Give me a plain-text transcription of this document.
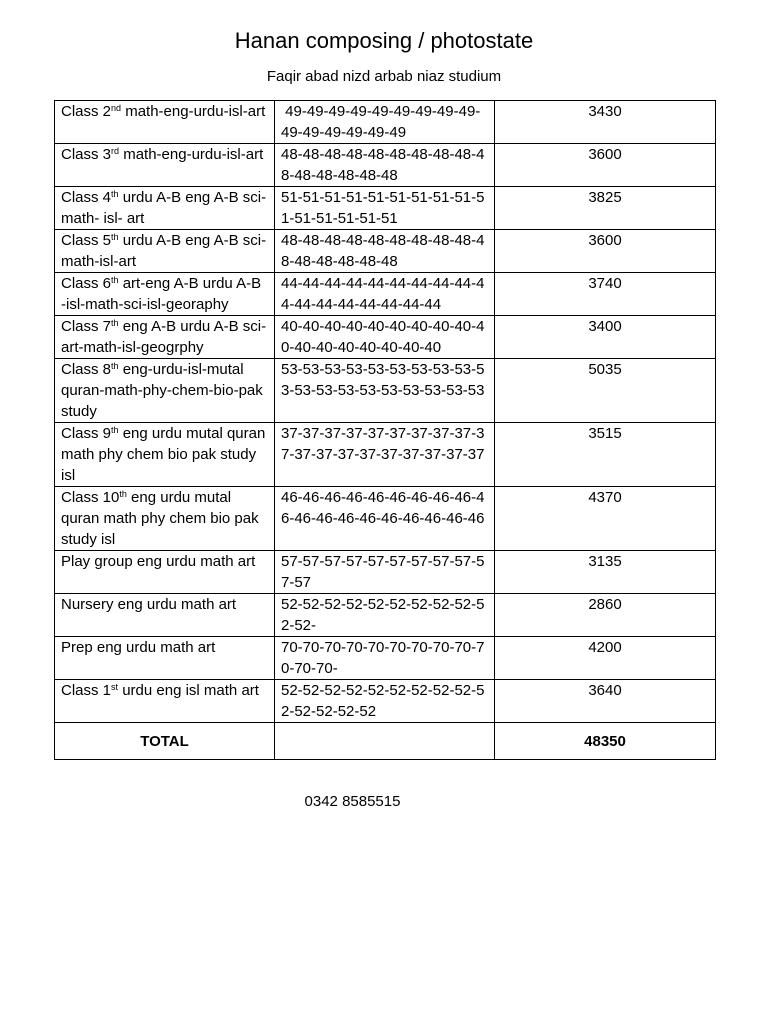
Hanan composing / photostate
Faqir abad nizd arbab niaz studium
Class 2nd math-eng-urdu-isl-art	49-49-49-49-49-49-49-49-49-49-49-49-49-49-49	3430
Class 3rd math-eng-urdu-isl-art	48-48-48-48-48-48-48-48-48-48-48-48-48-48-48	3600
Class 4th urdu A-B eng A-B sci-math- isl- art	51-51-51-51-51-51-51-51-51-51-51-51-51-51-51	3825
Class 5th urdu A-B eng A-B sci-math-isl-art	48-48-48-48-48-48-48-48-48-48-48-48-48-48-48	3600
Class 6th art-eng A-B urdu A-B -isl-math-sci-isl-georaphy	44-44-44-44-44-44-44-44-44-44-44-44-44-44-44-44-44	3740
Class 7th eng A-B urdu A-B sci-art-math-isl-geogrphy	40-40-40-40-40-40-40-40-40-40-40-40-40-40-40-40-40	3400
Class 8th eng-urdu-isl-mutal quran-math-phy-chem-bio-pak study	53-53-53-53-53-53-53-53-53-53-53-53-53-53-53-53-53-53-53	5035
Class 9th eng urdu mutal quran math phy chem bio pak study isl	37-37-37-37-37-37-37-37-37-37-37-37-37-37-37-37-37-37-37	3515
Class 10th eng urdu mutal quran math phy chem bio pak study isl	46-46-46-46-46-46-46-46-46-46-46-46-46-46-46-46-46-46-46	4370
Play group eng urdu math art	57-57-57-57-57-57-57-57-57-57-57	3135
Nursery eng urdu math art	52-52-52-52-52-52-52-52-52-52-52-	2860
Prep eng urdu math art	70-70-70-70-70-70-70-70-70-70-70-70-	4200
Class 1st urdu eng isl math art	52-52-52-52-52-52-52-52-52-52-52-52-52-52	3640
TOTAL		48350
0342 8585515
